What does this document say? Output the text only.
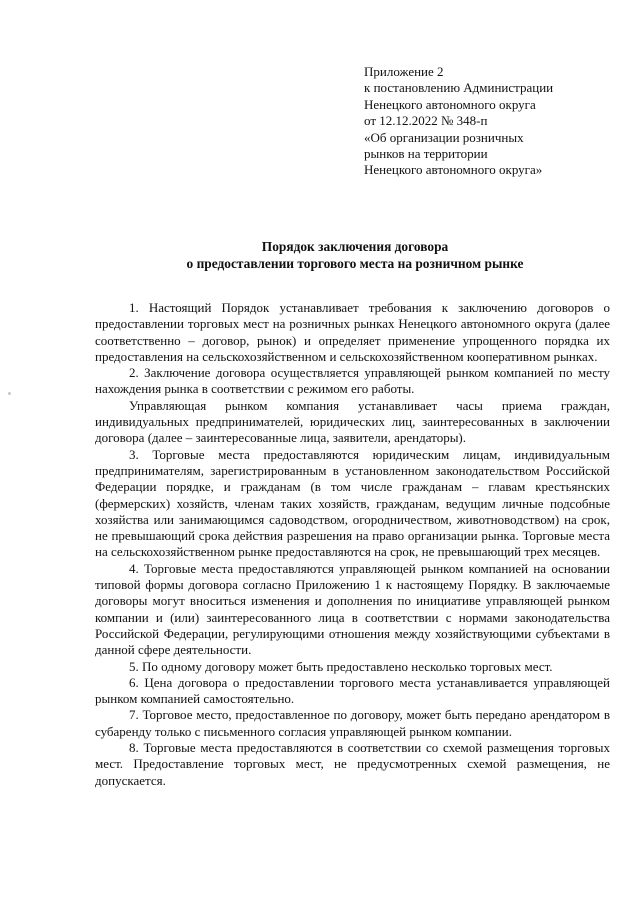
Приложение 2
к постановлению Администрации
Ненецкого автономного округа
от 12.12.2022 № 348-п
«Об организации розничных
рынков на территории
Ненецкого автономного округа»
Порядок заключения договора
о предоставлении торгового места на розничном рынке

1. Настоящий Порядок устанавливает требования к заключению договоров о предоставлении торговых мест на розничных рынках Ненецкого автономного округа (далее соответственно – договор, рынок) и определяет применение упрощенного порядка их предоставления на сельскохозяйственном и сельскохозяйственном кооперативном рынках.

2. Заключение договора осуществляется управляющей рынком компанией по месту нахождения рынка в соответствии с режимом его работы.

Управляющая рынком компания устанавливает часы приема граждан, индивидуальных предпринимателей, юридических лиц, заинтересованных в заключении договора (далее – заинтересованные лица, заявители, арендаторы).

3. Торговые места предоставляются юридическим лицам, индивидуальным предпринимателям, зарегистрированным в установленном законодательством Российской Федерации порядке, и гражданам (в том числе гражданам – главам крестьянских (фермерских) хозяйств, членам таких хозяйств, гражданам, ведущим личные подсобные хозяйства или занимающимся садоводством, огородничеством, животноводством) на срок, не превышающий срока действия разрешения на право организации рынка. Торговые места на сельскохозяйственном рынке предоставляются на срок, не превышающий трех месяцев.

4. Торговые места предоставляются управляющей рынком компанией на основании типовой формы договора согласно Приложению 1 к настоящему Порядку. В заключаемые договоры могут вноситься изменения и дополнения по инициативе управляющей рынком компании и (или) заинтересованного лица в соответствии с нормами законодательства Российской Федерации, регулирующими отношения между хозяйствующими субъектами в данной сфере деятельности.

5. По одному договору может быть предоставлено несколько торговых мест.

6. Цена договора о предоставлении торгового места устанавливается управляющей рынком компанией самостоятельно.

7. Торговое место, предоставленное по договору, может быть передано арендатором в субаренду только с письменного согласия управляющей рынком компании.

8. Торговые места предоставляются в соответствии со схемой размещения торговых мест. Предоставление торговых мест, не предусмотренных схемой размещения, не допускается.
